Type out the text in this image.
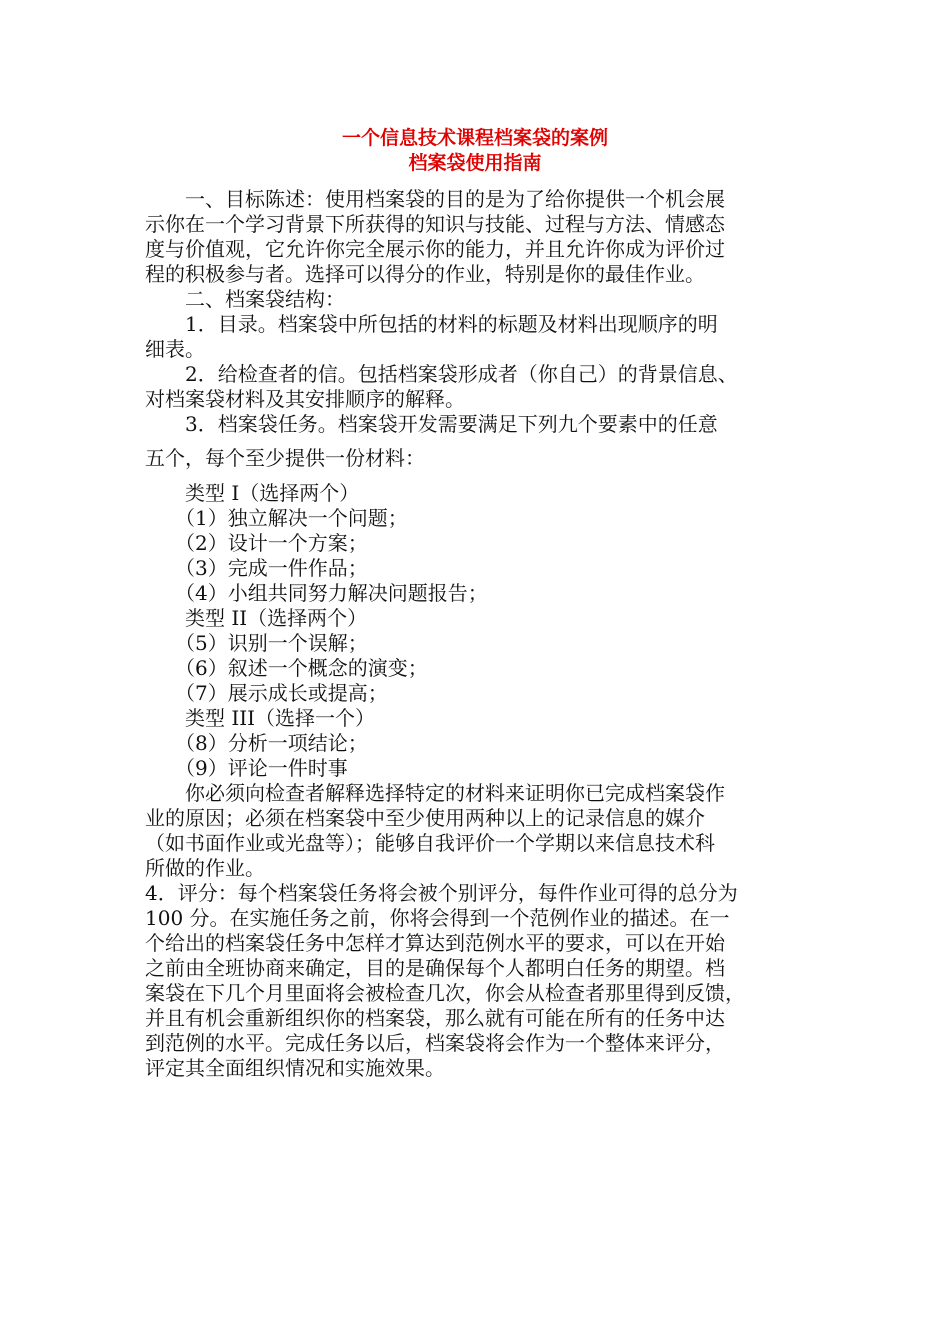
一个信息技术课程档案袋的案例
档案袋使用指南
　　一、目标陈述：使用档案袋的目的是为了给你提供一个机会展
示你在一个学习背景下所获得的知识与技能、过程与方法、情感态
度与价值观，它允许你完全展示你的能力，并且允许你成为评价过
程的积极参与者。选择可以得分的作业，特别是你的最佳作业。
　　二、档案袋结构：
　　1．目录。档案袋中所包括的材料的标题及材料出现顺序的明
细表。
　　2．给检查者的信。包括档案袋形成者（你自己）的背景信息、
对档案袋材料及其安排顺序的解释。
　　3．档案袋任务。档案袋开发需要满足下列九个要素中的任意
五个，每个至少提供一份材料：
　　类型 I（选择两个）
　　（1）独立解决一个问题；
　　（2）设计一个方案；
　　（3）完成一件作品；
　　（4）小组共同努力解决问题报告；
　　类型 II（选择两个）
　　（5）识别一个误解；
　　（6）叙述一个概念的演变；
　　（7）展示成长或提高；
　　类型 III（选择一个）
　　（8）分析一项结论；
　　（9）评论一件时事
　　你必须向检查者解释选择特定的材料来证明你已完成档案袋作
业的原因；必须在档案袋中至少使用两种以上的记录信息的媒介
（如书面作业或光盘等）；能够自我评价一个学期以来信息技术科
所做的作业。
4．评分：每个档案袋任务将会被个别评分，每件作业可得的总分为
100 分。在实施任务之前，你将会得到一个范例作业的描述。在一
个给出的档案袋任务中怎样才算达到范例水平的要求，可以在开始
之前由全班协商来确定，目的是确保每个人都明白任务的期望。档
案袋在下几个月里面将会被检查几次，你会从检查者那里得到反馈，
并且有机会重新组织你的档案袋，那么就有可能在所有的任务中达
到范例的水平。完成任务以后，档案袋将会作为一个整体来评分，
评定其全面组织情况和实施效果。
